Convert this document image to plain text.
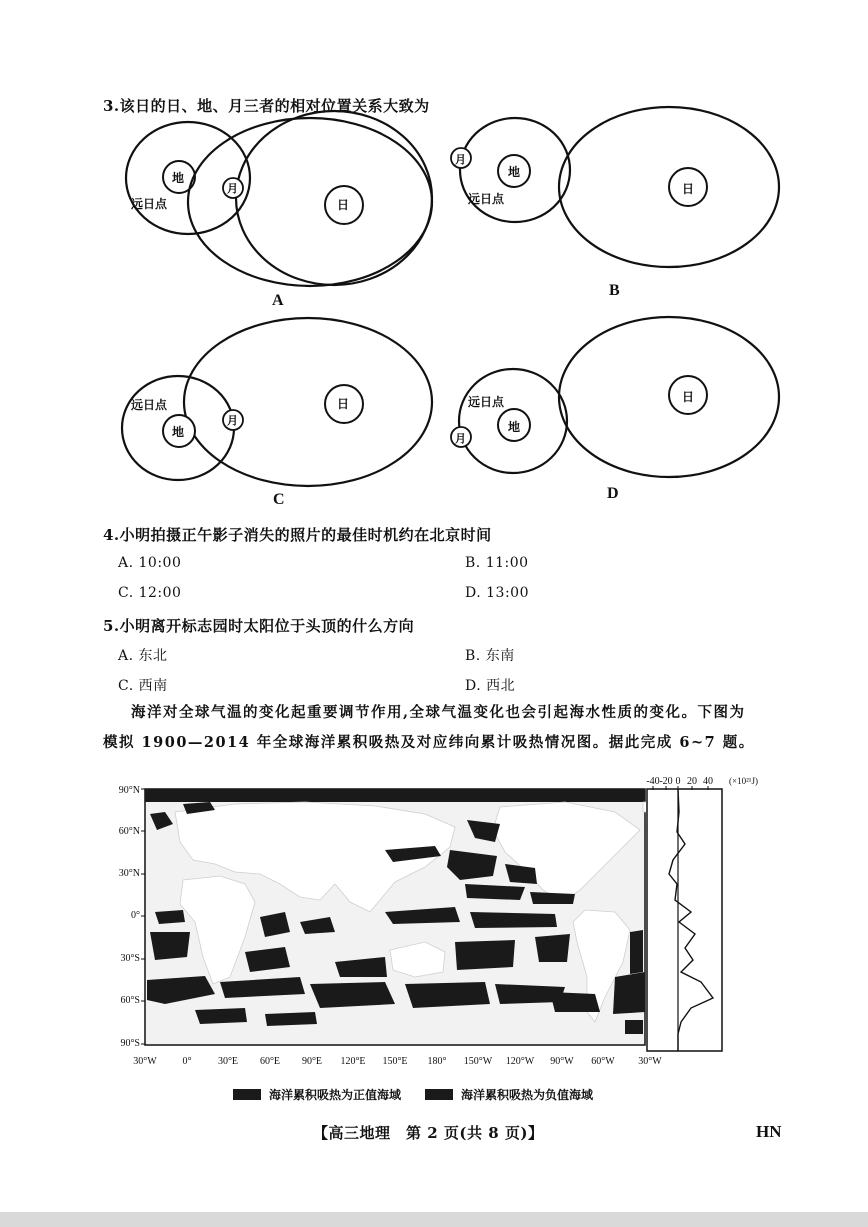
3.该日的日、地、月三者的相对位置关系大致为
日
地
月
远日点
A
日
地
月
远日点
B
日
地
月
远日点
C
日
地
月
远日点
D
4.小明拍摄正午影子消失的照片的最佳时机约在北京时间
A. 10:00	B. 11:00
C. 12:00	D. 13:00
5.小明离开标志园时太阳位于头顶的什么方向
A. 东北	B. 东南
C. 西南	D. 西北
海洋对全球气温的变化起重要调节作用,全球气温变化也会引起海水性质的变化。下图为
模拟 1900—2014 年全球海洋累积吸热及对应纬向累计吸热情况图。据此完成 6~7 题。
90°N
60°N
30°N
0°
30°S
60°S
90°S
30°W	0°	30°E 60°E 90°E 120°E 150°E 180° 150°W 120°W 90°W 60°W 30°W
-40 -20 0 20 40 (×10²¹J)
海洋累积吸热为正值海域	海洋累积吸热为负值海域
【高三地理　第 2 页(共 8 页)】	HN
